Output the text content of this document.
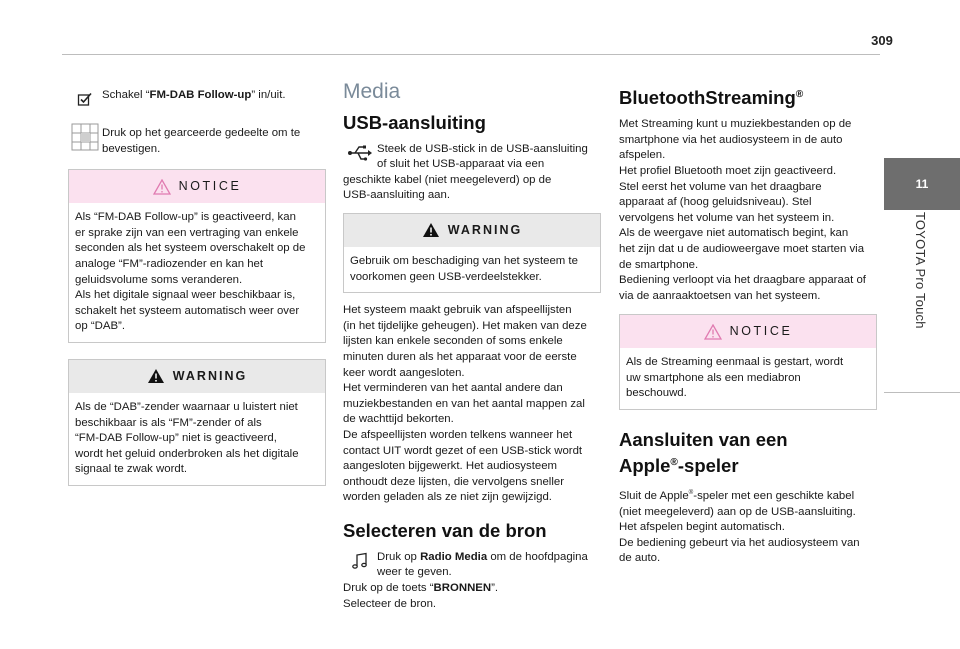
309
11
TOYOTA Pro Touch
Schakel “FM-DAB Follow-up” in/uit.
Druk op het gearceerde gedeelte om te bevestigen.
NOTICE
Als “FM-DAB Follow-up” is geactiveerd, kan
er sprake zijn van een vertraging van enkele
seconden als het systeem overschakelt op de
analoge “FM”-radiozender en kan het
geluidsvolume soms veranderen.
Als het digitale signaal weer beschikbaar is,
schakelt het systeem automatisch weer over
op “DAB”.
WARNING
Als de “DAB”-zender waarnaar u luistert niet
beschikbaar is als “FM”-zender of als
“FM-DAB Follow-up” niet is geactiveerd,
wordt het geluid onderbroken als het digitale
signaal te zwak wordt.
Media
USB-aansluiting
Steek de USB-stick in de USB-aansluiting
of sluit het USB-apparaat via een
geschikte kabel (niet meegeleverd) op de
USB-aansluiting aan.
WARNING
Gebruik om beschadiging van het systeem te
voorkomen geen USB-verdeelstekker.
Het systeem maakt gebruik van afspeellijsten
(in het tijdelijke geheugen). Het maken van deze
lijsten kan enkele seconden of soms enkele
minuten duren als het apparaat voor de eerste
keer wordt aangesloten.
Het verminderen van het aantal andere dan
muziekbestanden en van het aantal mappen zal
de wachttijd bekorten.
De afspeellijsten worden telkens wanneer het
contact UIT wordt gezet of een USB-stick wordt
aangesloten bijgewerkt. Het audiosysteem
onthoudt deze lijsten, die vervolgens sneller
worden geladen als ze niet zijn gewijzigd.
Selecteren van de bron
Druk op Radio Media om de hoofdpagina
weer te geven.
Druk op de toets “BRONNEN”.
Selecteer de bron.
BluetoothStreaming®
Met Streaming kunt u muziekbestanden op de
smartphone via het audiosysteem in de auto
afspelen.
Het profiel Bluetooth moet zijn geactiveerd.
Stel eerst het volume van het draagbare
apparaat af (hoog geluidsniveau). Stel
vervolgens het volume van het systeem in.
Als de weergave niet automatisch begint, kan
het zijn dat u de audioweergave moet starten via
de smartphone.
Bediening verloopt via het draagbare apparaat of
via de aanraaktoetsen van het systeem.
NOTICE
Als de Streaming eenmaal is gestart, wordt
uw smartphone als een mediabron
beschouwd.
Aansluiten van een
Apple®-speler
Sluit de Apple®-speler met een geschikte kabel
(niet meegeleverd) aan op de USB-aansluiting.
Het afspelen begint automatisch.
De bediening gebeurt via het audiosysteem van
de auto.
